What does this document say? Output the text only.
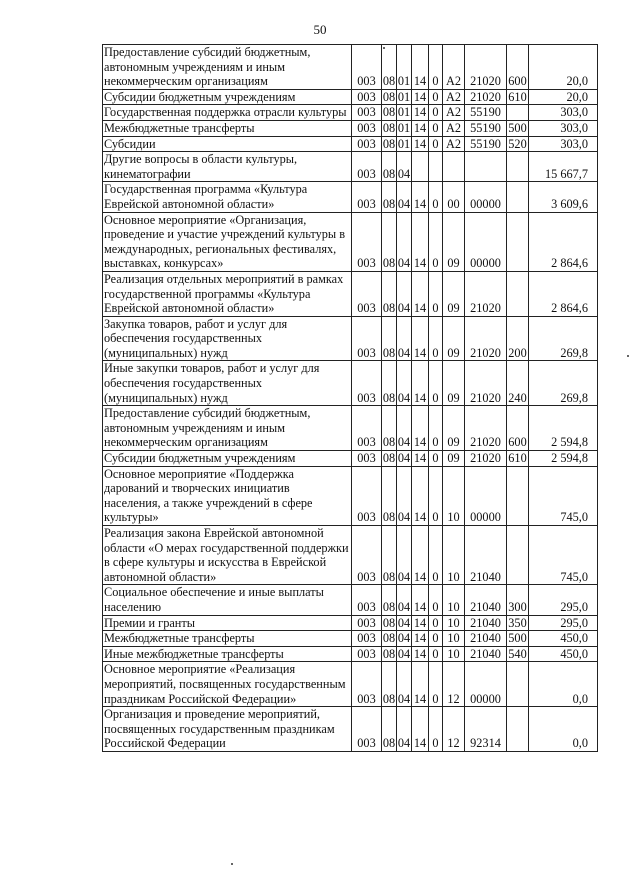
50
Предоставление субсидий бюджетным, автономным учреждениям и иным некоммерческим организациям	003	08	01	14	0	А2	21020	600	20,0
Субсидии бюджетным учреждениям	003	08	01	14	0	А2	21020	610	20,0
Государственная поддержка отрасли культуры	003	08	01	14	0	А2	55190		303,0
Межбюджетные трансферты	003	08	01	14	0	А2	55190	500	303,0
Субсидии	003	08	01	14	0	А2	55190	520	303,0
Другие вопросы в области культуры, кинематографии	003	08	04						15 667,7
Государственная программа «Культура Еврейской автономной области»	003	08	04	14	0	00	00000		3 609,6
Основное мероприятие «Организация, проведение и участие учреждений культуры в международных, региональных фестивалях, выставках, конкурсах»	003	08	04	14	0	09	00000		2 864,6
Реализация отдельных мероприятий в рамках государственной программы «Культура Еврейской автономной области»	003	08	04	14	0	09	21020		2 864,6
Закупка товаров, работ и услуг для обеспечения государственных (муниципальных) нужд	003	08	04	14	0	09	21020	200	269,8
Иные закупки товаров, работ и услуг для обеспечения государственных (муниципальных) нужд	003	08	04	14	0	09	21020	240	269,8
Предоставление субсидий бюджетным, автономным учреждениям и иным некоммерческим организациям	003	08	04	14	0	09	21020	600	2 594,8
Субсидии бюджетным учреждениям	003	08	04	14	0	09	21020	610	2 594,8
Основное мероприятие «Поддержка дарований и творческих инициатив населения, а также учреждений в сфере культуры»	003	08	04	14	0	10	00000		745,0
Реализация закона Еврейской автономной области «О мерах государственной поддержки в сфере культуры и искусства в Еврейской автономной области»	003	08	04	14	0	10	21040		745,0
Социальное обеспечение и иные выплаты населению	003	08	04	14	0	10	21040	300	295,0
Премии и гранты	003	08	04	14	0	10	21040	350	295,0
Межбюджетные трансферты	003	08	04	14	0	10	21040	500	450,0
Иные межбюджетные трансферты	003	08	04	14	0	10	21040	540	450,0
Основное мероприятие «Реализация мероприятий, посвященных государственным праздникам Российской Федерации»	003	08	04	14	0	12	00000		0,0
Организация и проведение мероприятий, посвященных государственным праздникам Российской Федерации	003	08	04	14	0	12	92314		0,0
